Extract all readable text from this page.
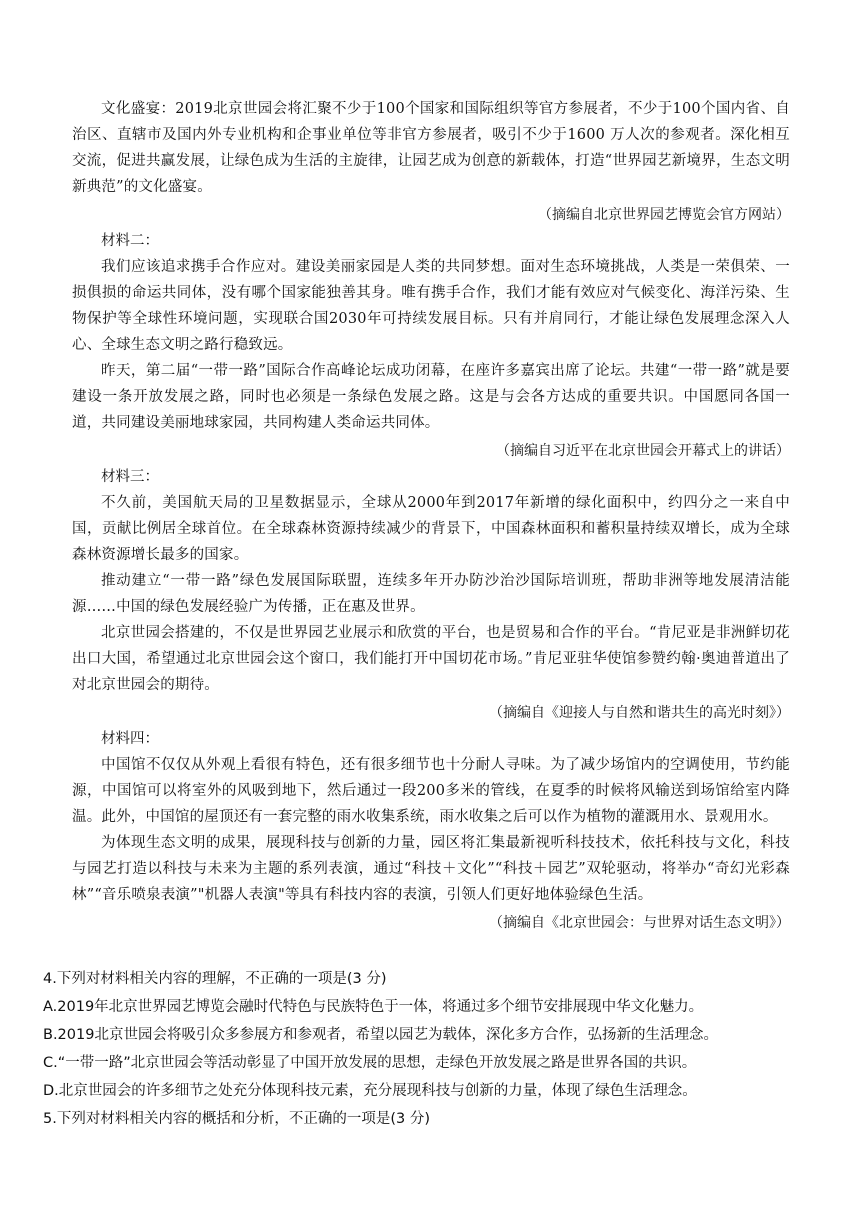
文化盛宴：2019北京世园会将汇聚不少于100个国家和国际组织等官方参展者，不少于100个国内省、自治区、直辖市及国内外专业机构和企事业单位等非官方参展者，吸引不少于1600 万人次的参观者。深化相互交流，促进共赢发展，让绿色成为生活的主旋律，让园艺成为创意的新载体，打造“世界园艺新境界，生态文明新典范”的文化盛宴。

（摘编自北京世界园艺博览会官方网站）

材料二：

我们应该追求携手合作应对。建设美丽家园是人类的共同梦想。面对生态环境挑战，人类是一荣俱荣、一损俱损的命运共同体，没有哪个国家能独善其身。唯有携手合作，我们才能有效应对气候变化、海洋污染、生物保护等全球性环境问题，实现联合国2030年可持续发展目标。只有并肩同行，才能让绿色发展理念深入人心、全球生态文明之路行稳致远。

昨天，第二届“一带一路”国际合作高峰论坛成功闭幕，在座许多嘉宾出席了论坛。共建“一带一路”就是要建设一条开放发展之路，同时也必须是一条绿色发展之路。这是与会各方达成的重要共识。中国愿同各国一道，共同建设美丽地球家园，共同构建人类命运共同体。

（摘编自习近平在北京世园会开幕式上的讲话）

材料三：

不久前，美国航天局的卫星数据显示，全球从2000年到2017年新增的绿化面积中，约四分之一来自中国，贡献比例居全球首位。在全球森林资源持续减少的背景下，中国森林面积和蓄积量持续双增长，成为全球森林资源增长最多的国家。

推动建立“一带一路”绿色发展国际联盟，连续多年开办防沙治沙国际培训班，帮助非洲等地发展清洁能源……中国的绿色发展经验广为传播，正在惠及世界。

北京世园会搭建的，不仅是世界园艺业展示和欣赏的平台，也是贸易和合作的平台。“肯尼亚是非洲鲜切花出口大国，希望通过北京世园会这个窗口，我们能打开中国切花市场。”肯尼亚驻华使馆参赞约翰·奥迪普道出了对北京世园会的期待。

（摘编自《迎接人与自然和谐共生的高光时刻》）

材料四：

中国馆不仅仅从外观上看很有特色，还有很多细节也十分耐人寻味。为了减少场馆内的空调使用，节约能源，中国馆可以将室外的风吸到地下，然后通过一段200多米的管线，在夏季的时候将风输送到场馆给室内降温。此外，中国馆的屋顶还有一套完整的雨水收集系统，雨水收集之后可以作为植物的灌溉用水、景观用水。

为体现生态文明的成果，展现科技与创新的力量，园区将汇集最新视听科技技术，依托科技与文化，科技与园艺打造以科技与未来为主题的系列表演，通过“科技＋文化”“科技＋园艺”双轮驱动，将举办“奇幻光彩森林”“音乐喷泉表演”"机器人表演"等具有科技内容的表演，引领人们更好地体验绿色生活。

（摘编自《北京世园会：与世界对话生态文明》）

4.下列对材料相关内容的理解，不正确的一项是(3 分)

A.2019年北京世界园艺博览会融时代特色与民族特色于一体，将通过多个细节安排展现中华文化魅力。

B.2019北京世园会将吸引众多参展方和参观者，希望以园艺为载体，深化多方合作，弘扬新的生活理念。

C.“一带一路”北京世园会等活动彰显了中国开放发展的思想，走绿色开放发展之路是世界各国的共识。

D.北京世园会的许多细节之处充分体现科技元素，充分展现科技与创新的力量，体现了绿色生活理念。

5.下列对材料相关内容的概括和分析，不正确的一项是(3 分)
